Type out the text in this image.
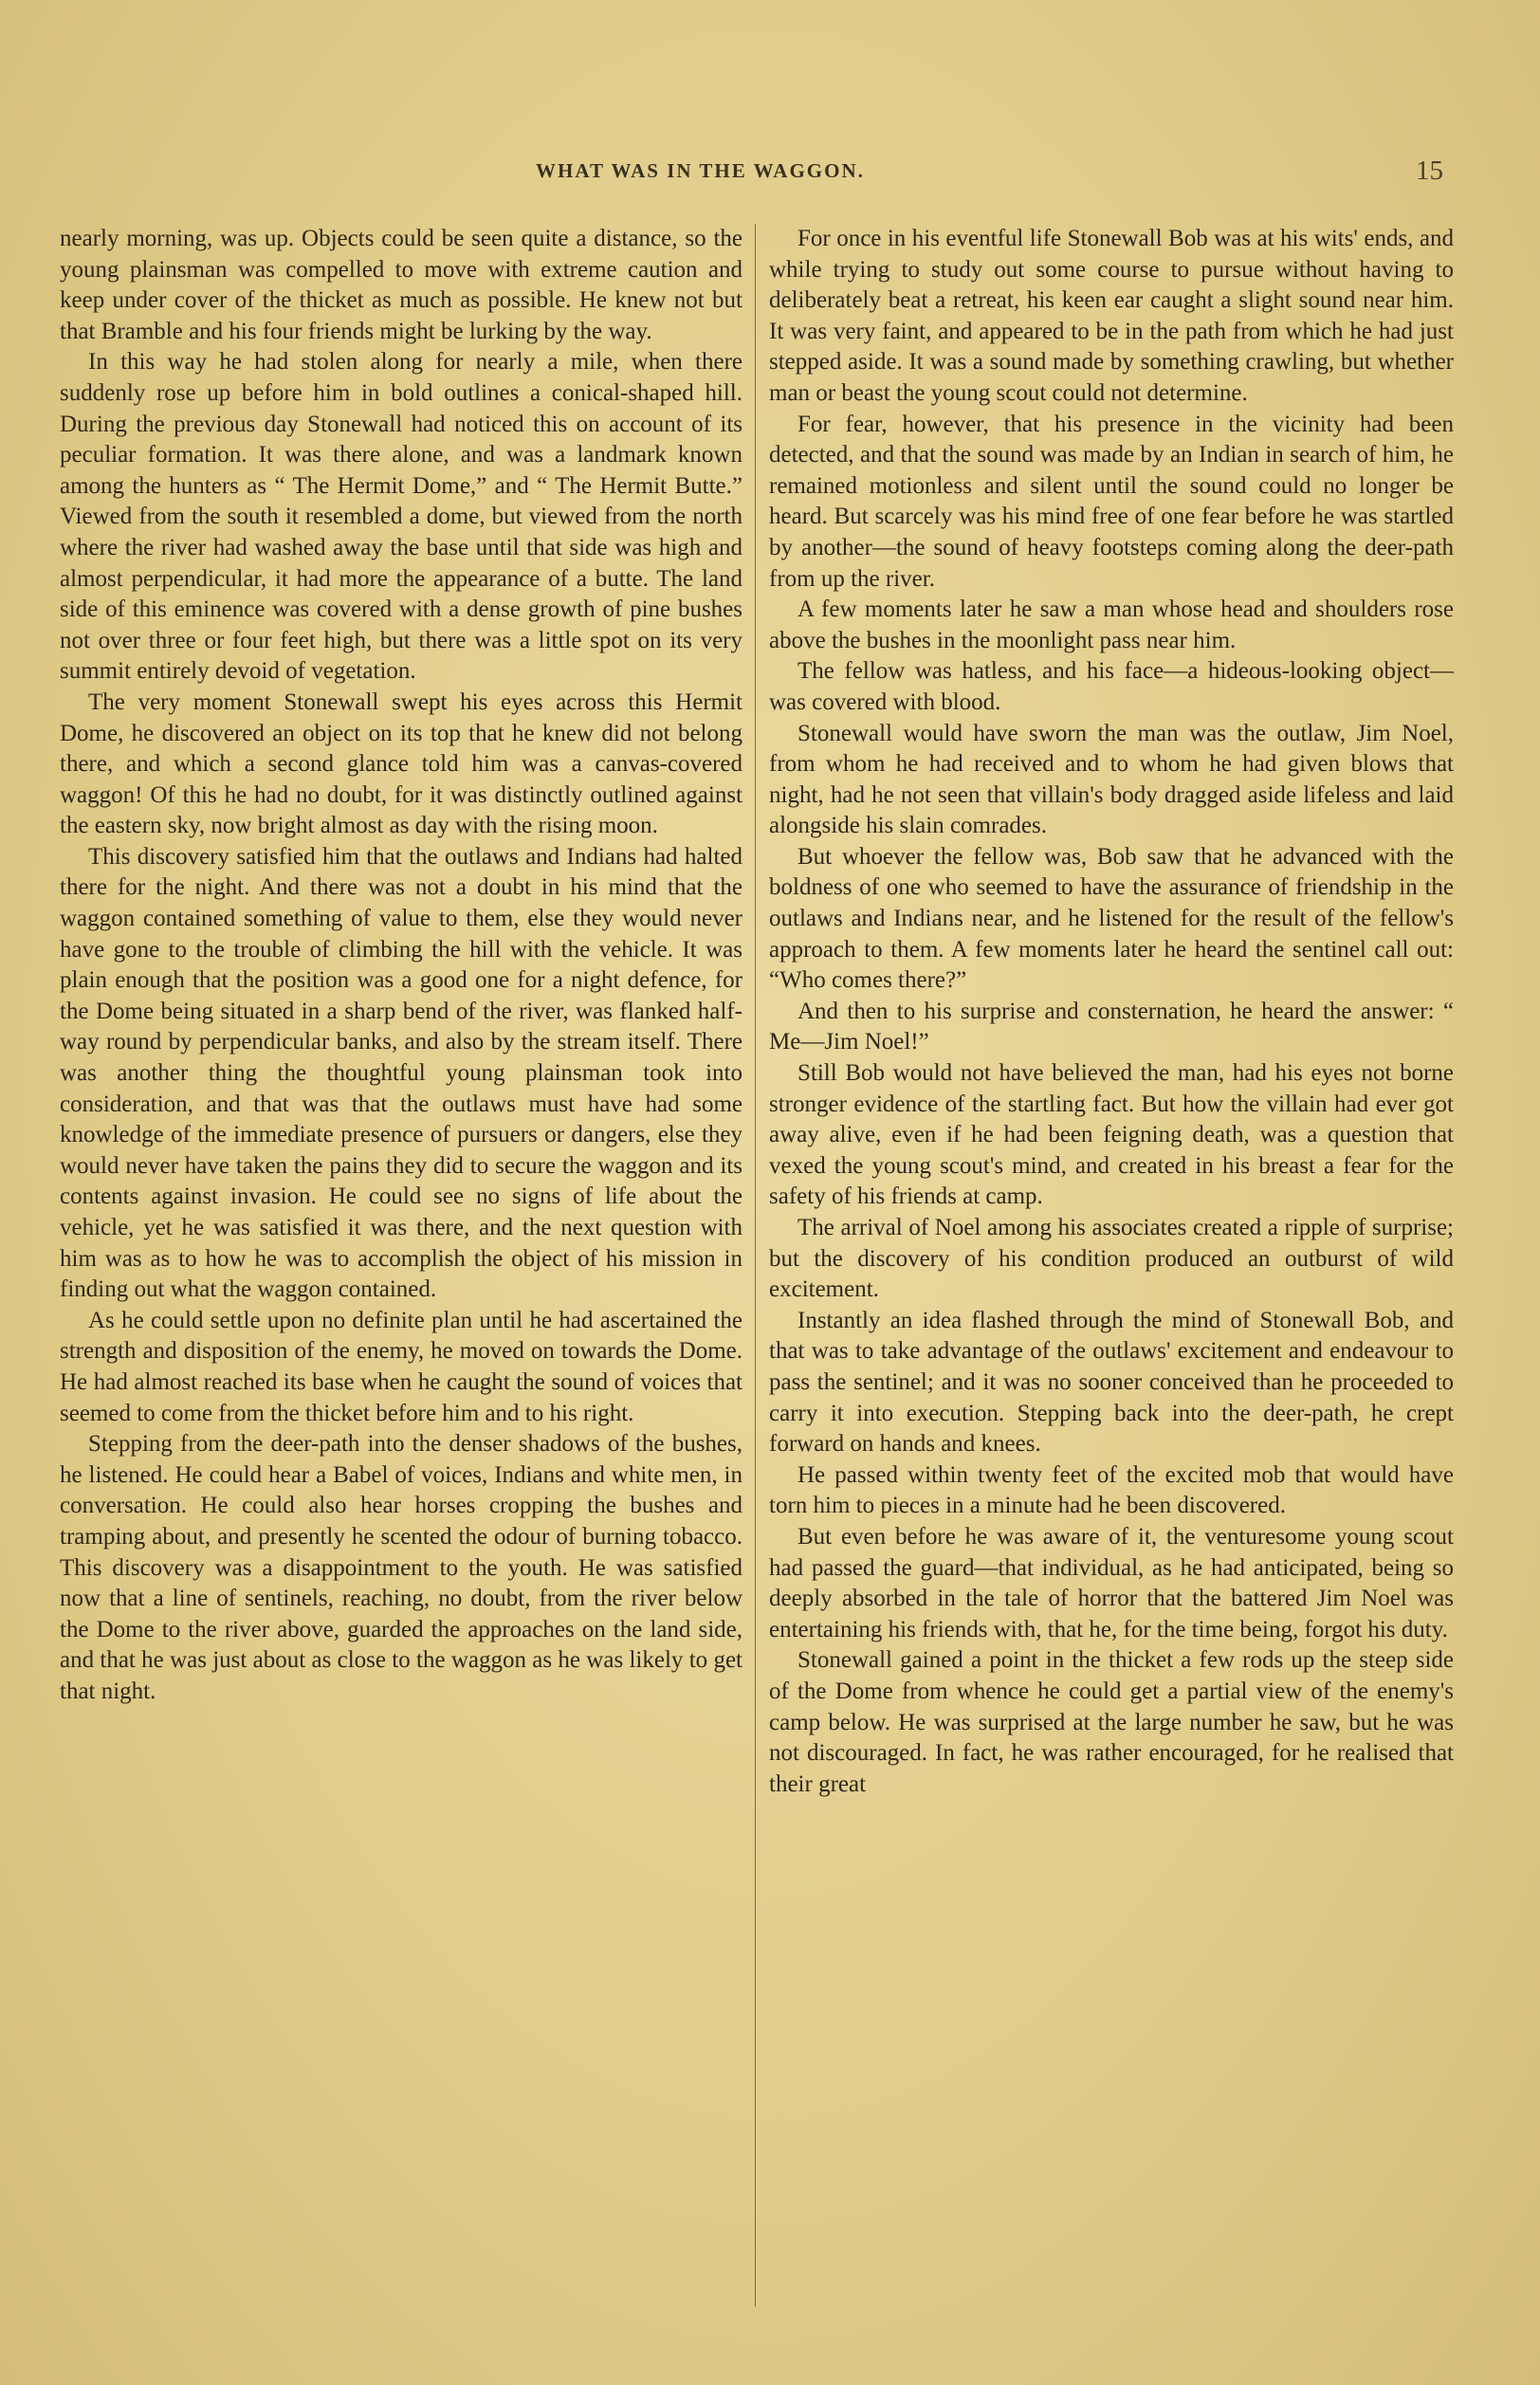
WHAT WAS IN THE WAGGON.	15

nearly morning, was up. Objects could be seen quite a distance, so the young plainsman was compelled to move with extreme caution and keep under cover of the thicket as much as possible. He knew not but that Bramble and his four friends might be lurking by the way.

In this way he had stolen along for nearly a mile, when there suddenly rose up before him in bold outlines a conical-shaped hill. During the previous day Stonewall had noticed this on account of its peculiar formation. It was there alone, and was a landmark known among the hunters as “ The Hermit Dome,” and “ The Hermit Butte.” Viewed from the south it resembled a dome, but viewed from the north where the river had washed away the base until that side was high and almost perpendicular, it had more the appearance of a butte. The land side of this eminence was covered with a dense growth of pine bushes not over three or four feet high, but there was a little spot on its very summit entirely devoid of vegetation.

The very moment Stonewall swept his eyes across this Hermit Dome, he discovered an object on its top that he knew did not belong there, and which a second glance told him was a canvas-covered waggon! Of this he had no doubt, for it was distinctly outlined against the eastern sky, now bright almost as day with the rising moon.

This discovery satisfied him that the outlaws and Indians had halted there for the night. And there was not a doubt in his mind that the waggon contained something of value to them, else they would never have gone to the trouble of climbing the hill with the vehicle. It was plain enough that the position was a good one for a night defence, for the Dome being situated in a sharp bend of the river, was flanked half-way round by perpendicular banks, and also by the stream itself. There was another thing the thoughtful young plainsman took into consideration, and that was that the outlaws must have had some knowledge of the immediate presence of pursuers or dangers, else they would never have taken the pains they did to secure the waggon and its contents against invasion. He could see no signs of life about the vehicle, yet he was satisfied it was there, and the next question with him was as to how he was to accomplish the object of his mission in finding out what the waggon contained.

As he could settle upon no definite plan until he had ascertained the strength and disposition of the enemy, he moved on towards the Dome. He had almost reached its base when he caught the sound of voices that seemed to come from the thicket before him and to his right.

Stepping from the deer-path into the denser shadows of the bushes, he listened. He could hear a Babel of voices, Indians and white men, in conversation. He could also hear horses cropping the bushes and tramping about, and presently he scented the odour of burning tobacco. This discovery was a disappointment to the youth. He was satisfied now that a line of sentinels, reaching, no doubt, from the river below the Dome to the river above, guarded the approaches on the land side, and that he was just about as close to the waggon as he was likely to get that night.

For once in his eventful life Stonewall Bob was at his wits' ends, and while trying to study out some course to pursue without having to deliberately beat a retreat, his keen ear caught a slight sound near him. It was very faint, and appeared to be in the path from which he had just stepped aside. It was a sound made by something crawling, but whether man or beast the young scout could not determine.

For fear, however, that his presence in the vicinity had been detected, and that the sound was made by an Indian in search of him, he remained motionless and silent until the sound could no longer be heard. But scarcely was his mind free of one fear before he was startled by another—the sound of heavy footsteps coming along the deer-path from up the river.

A few moments later he saw a man whose head and shoulders rose above the bushes in the moonlight pass near him.

The fellow was hatless, and his face—a hideous-looking object—was covered with blood.

Stonewall would have sworn the man was the outlaw, Jim Noel, from whom he had received and to whom he had given blows that night, had he not seen that villain's body dragged aside lifeless and laid alongside his slain comrades.

But whoever the fellow was, Bob saw that he advanced with the boldness of one who seemed to have the assurance of friendship in the outlaws and Indians near, and he listened for the result of the fellow's approach to them. A few moments later he heard the sentinel call out: “Who comes there?”

And then to his surprise and consternation, he heard the answer: “ Me—Jim Noel!”

Still Bob would not have believed the man, had his eyes not borne stronger evidence of the startling fact. But how the villain had ever got away alive, even if he had been feigning death, was a question that vexed the young scout's mind, and created in his breast a fear for the safety of his friends at camp.

The arrival of Noel among his associates created a ripple of surprise; but the discovery of his condition produced an outburst of wild excitement.

Instantly an idea flashed through the mind of Stonewall Bob, and that was to take advantage of the outlaws' excitement and endeavour to pass the sentinel; and it was no sooner conceived than he proceeded to carry it into execution. Stepping back into the deer-path, he crept forward on hands and knees.

He passed within twenty feet of the excited mob that would have torn him to pieces in a minute had he been discovered.

But even before he was aware of it, the venturesome young scout had passed the guard—that individual, as he had anticipated, being so deeply absorbed in the tale of horror that the battered Jim Noel was entertaining his friends with, that he, for the time being, forgot his duty.

Stonewall gained a point in the thicket a few rods up the steep side of the Dome from whence he could get a partial view of the enemy's camp below. He was surprised at the large number he saw, but he was not discouraged. In fact, he was rather encouraged, for he realised that their great
